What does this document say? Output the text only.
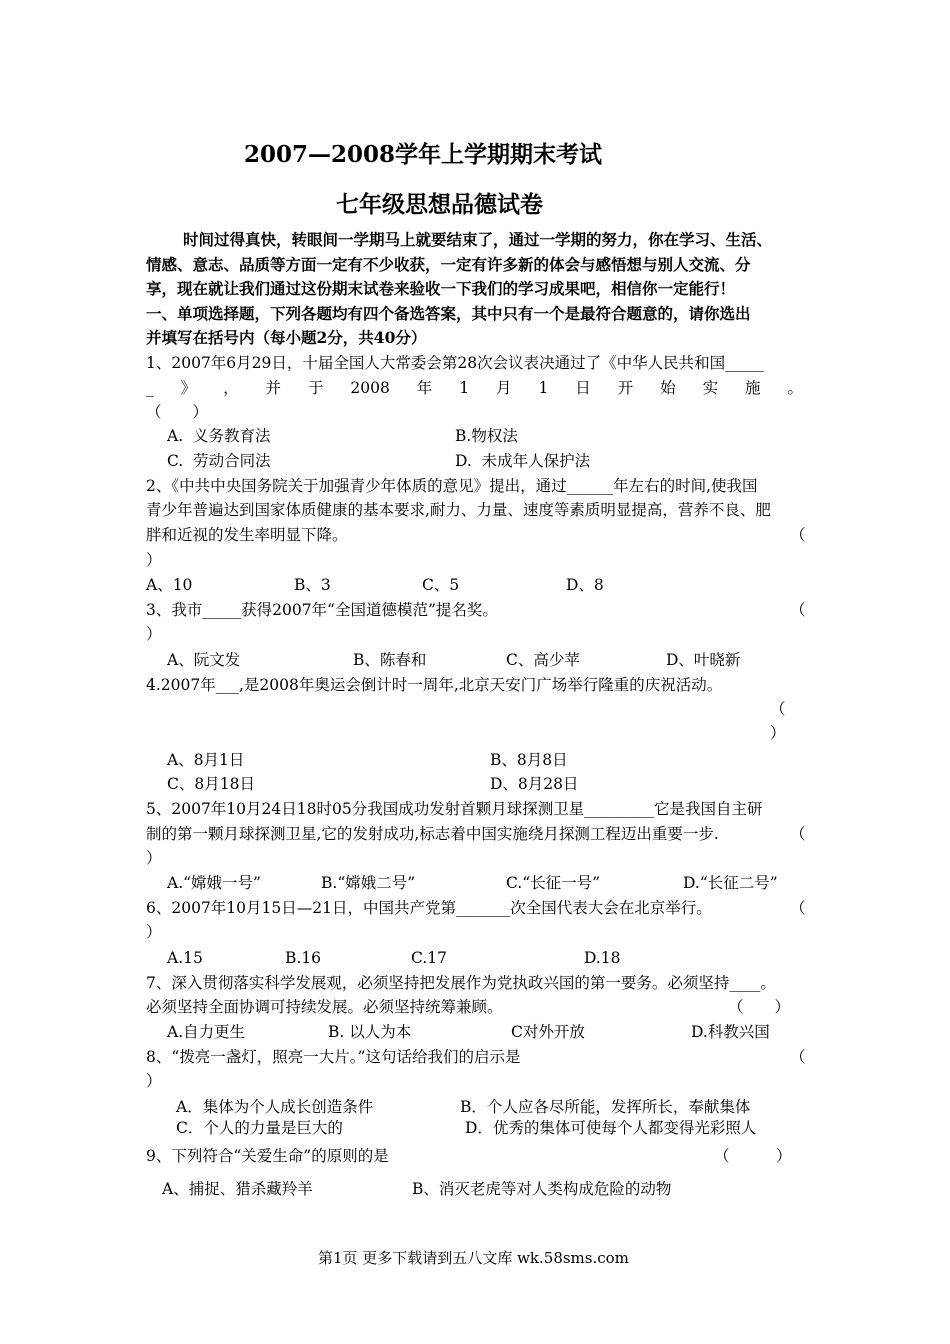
2007—2008学年上学期期末考试
七年级思想品德试卷
时间过得真快，转眼间一学期马上就要结束了，通过一学期的努力，你在学习、生活、
情感、意志、品质等方面一定有不少收获，一定有许多新的体会与感悟想与别人交流、分
享，现在就让我们通过这份期末试卷来验收一下我们的学习成果吧，相信你一定能行！
一、单项选择题，下列各题均有四个备选答案，其中只有一个是最符合题意的，请你选出
并填写在括号内（每小题2分，共40分）
1、2007年6月29日，十届全国人大常委会第28次会议表决通过了《中华人民共和国_____
_ 》 ， 并 于 2008 年 1 月 1 日 开 始 实 施 。
（　　）
A.  义务教育法	B.物权法
C.  劳动合同法	D.  未成年人保护法
2、《中共中央国务院关于加强青少年体质的意见》提出，通过______年左右的时间,使我国
青少年普遍达到国家体质健康的基本要求,耐力、力量、速度等素质明显提高，营养不良、肥
胖和近视的发生率明显下降。	（
）
A、10	B、3	C、5	D、8
3、我市_____获得2007年“全国道德模范”提名奖。	（
）
A、阮文发	B、陈春和	C、高少苹	D、叶晓新
4.2007年___,是2008年奥运会倒计时一周年,北京天安门广场举行隆重的庆祝活动。
（
）
A、8月1日	B、8月8日
C、8月18日	D、8月28日
5、2007年10月24日18时05分我国成功发射首颗月球探测卫星_________它是我国自主研
制的第一颗月球探测卫星,它的发射成功,标志着中国实施绕月探测工程迈出重要一步.	（
）
A.“嫦娥一号”	B.“嫦娥二号”	C.“长征一号”	D.“长征二号”
6、2007年10月15日—21日，中国共产党第_______次全国代表大会在北京举行。	（
）
A.15	B.16	C.17	D.18
7、深入贯彻落实科学发展观，必须坚持把发展作为党执政兴国的第一要务。必须坚持____。
必须坚持全面协调可持续发展。必须坚持统筹兼顾。	（　　）
A.自力更生	B. 以人为本	C对外开放	D.科教兴国
8、“拨亮一盏灯，照亮一大片。”这句话给我们的启示是	（
）
A．集体为个人成长创造条件	B．个人应各尽所能，发挥所长，奉献集体
C．个人的力量是巨大的	D．优秀的集体可使每个人都变得光彩照人
9、下列符合“关爱生命”的原则的是	（　　　）
A、捕捉、猎杀藏羚羊	B、消灭老虎等对人类构成危险的动物
第1页 更多下载请到五八文库 wk.58sms.com
